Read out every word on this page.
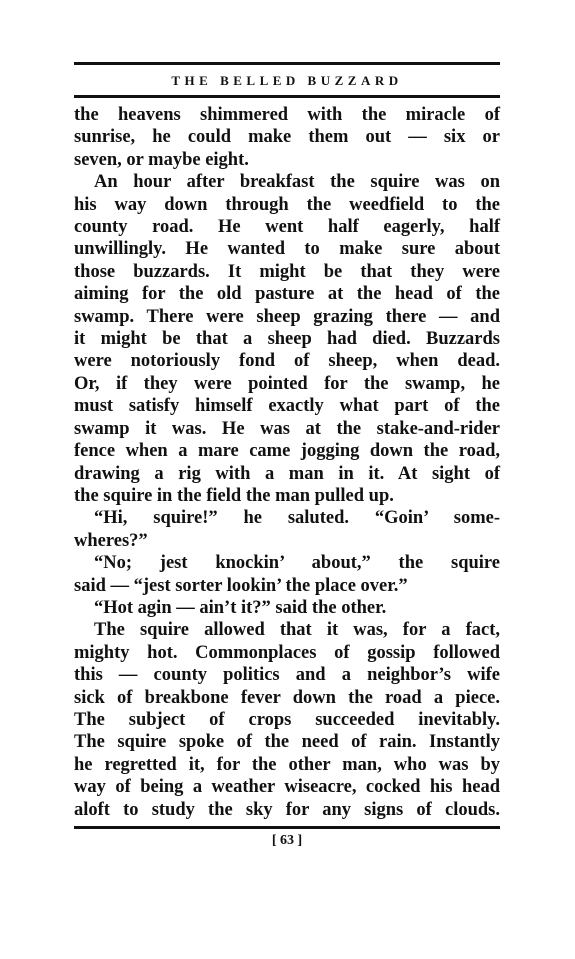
THE BELLED BUZZARD
the heavens shimmered with the miracle of
sunrise, he could make them out — six or
seven, or maybe eight.
An hour after breakfast the squire was on
his way down through the weedfield to the
county road. He went half eagerly, half
unwillingly. He wanted to make sure about
those buzzards. It might be that they were
aiming for the old pasture at the head of the
swamp. There were sheep grazing there — and
it might be that a sheep had died. Buzzards
were notoriously fond of sheep, when dead.
Or, if they were pointed for the swamp, he
must satisfy himself exactly what part of the
swamp it was. He was at the stake-and-rider
fence when a mare came jogging down the road,
drawing a rig with a man in it. At sight of
the squire in the field the man pulled up.
“Hi, squire!” he saluted. “Goin’ some-
wheres?”
“No; jest knockin’ about,” the squire
said — “jest sorter lookin’ the place over.”
“Hot agin — ain’t it?” said the other.
The squire allowed that it was, for a fact,
mighty hot. Commonplaces of gossip followed
this — county politics and a neighbor’s wife
sick of breakbone fever down the road a piece.
The subject of crops succeeded inevitably.
The squire spoke of the need of rain. Instantly
he regretted it, for the other man, who was by
way of being a weather wiseacre, cocked his head
aloft to study the sky for any signs of clouds.
[ 63 ]
